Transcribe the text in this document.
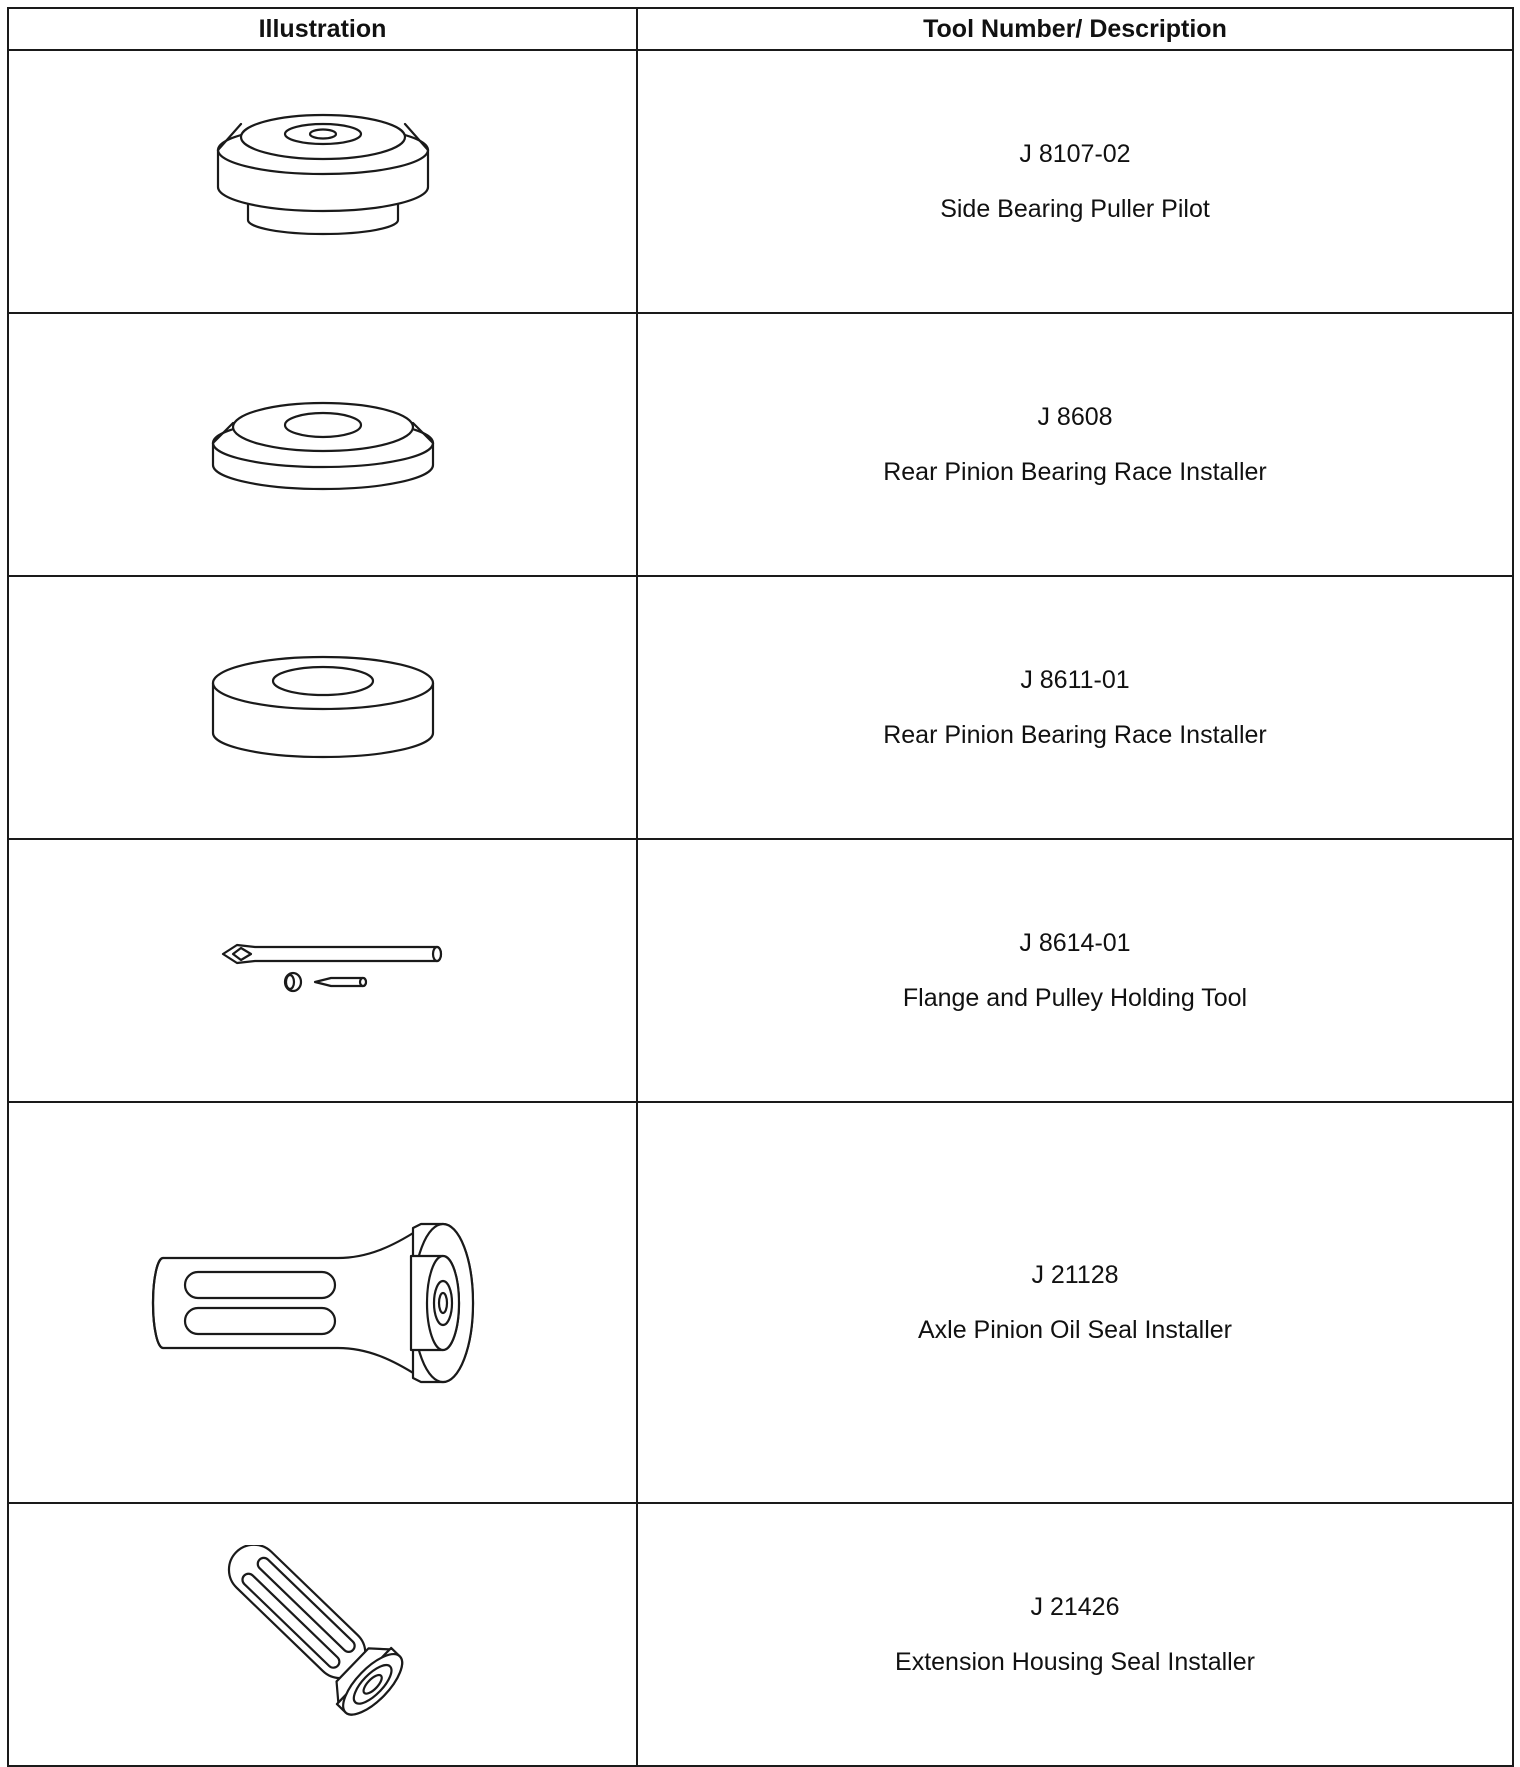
Illustration	Tool Number/ Description

J 8107-02
Side Bearing Puller Pilot

J 8608
Rear Pinion Bearing Race Installer

J 8611-01
Rear Pinion Bearing Race Installer

J 8614-01
Flange and Pulley Holding Tool

J 21128
Axle Pinion Oil Seal Installer

J 21426
Extension Housing Seal Installer
